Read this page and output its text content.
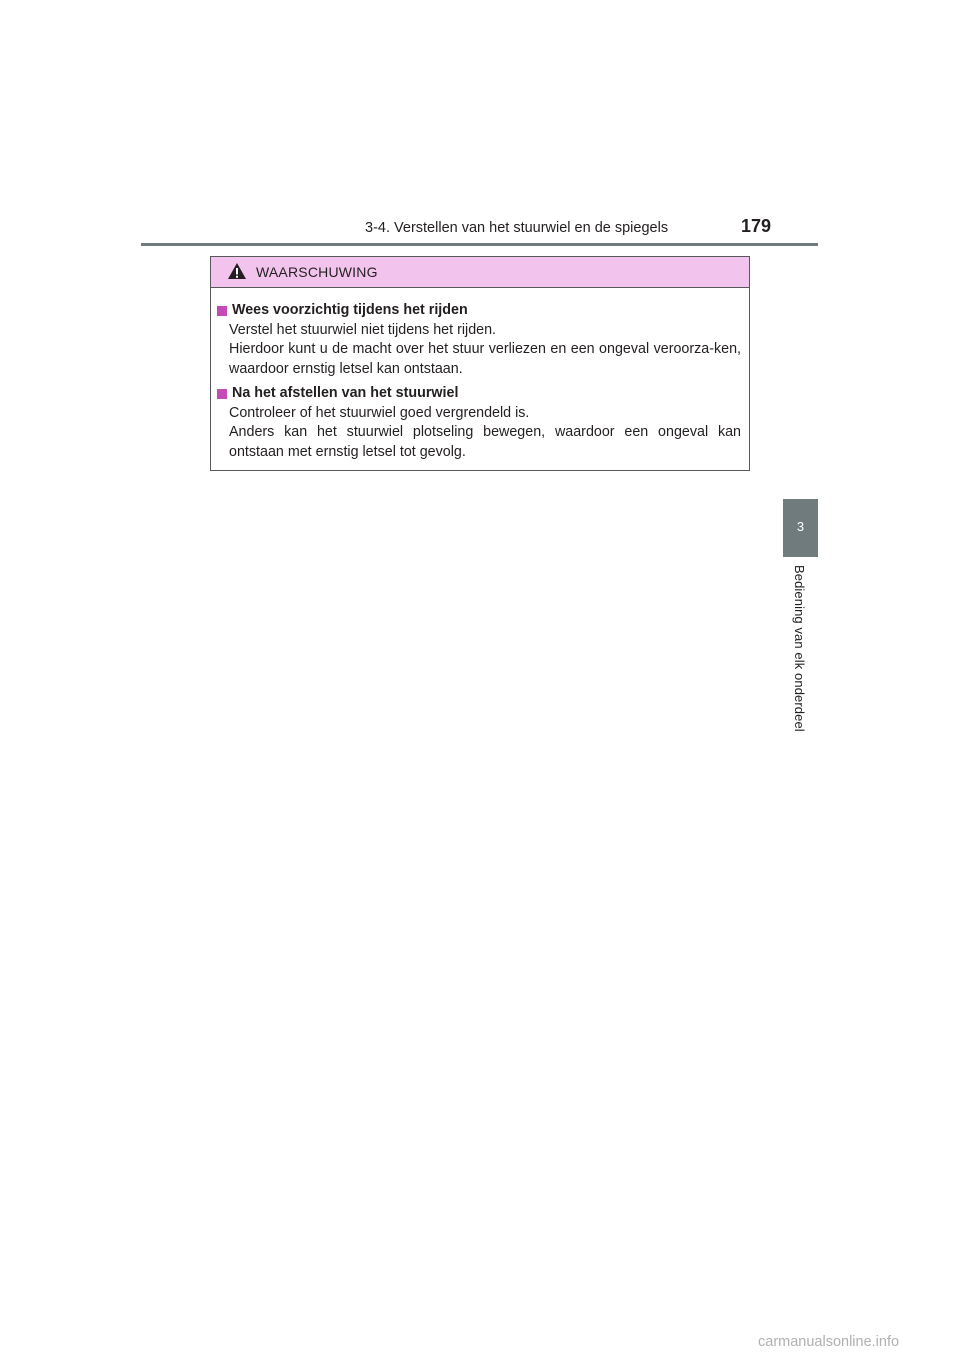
3-4. Verstellen van het stuurwiel en de spiegels	179
WAARSCHUWING
Wees voorzichtig tijdens het rijden

Verstel het stuurwiel niet tijdens het rijden.

Hierdoor kunt u de macht over het stuur verliezen en een ongeval veroorza-ken, waardoor ernstig letsel kan ontstaan.

Na het afstellen van het stuurwiel

Controleer of het stuurwiel goed vergrendeld is.

Anders kan het stuurwiel plotseling bewegen, waardoor een ongeval kan ontstaan met ernstig letsel tot gevolg.

3
Bediening van elk onderdeel
carmanualsonline.info
